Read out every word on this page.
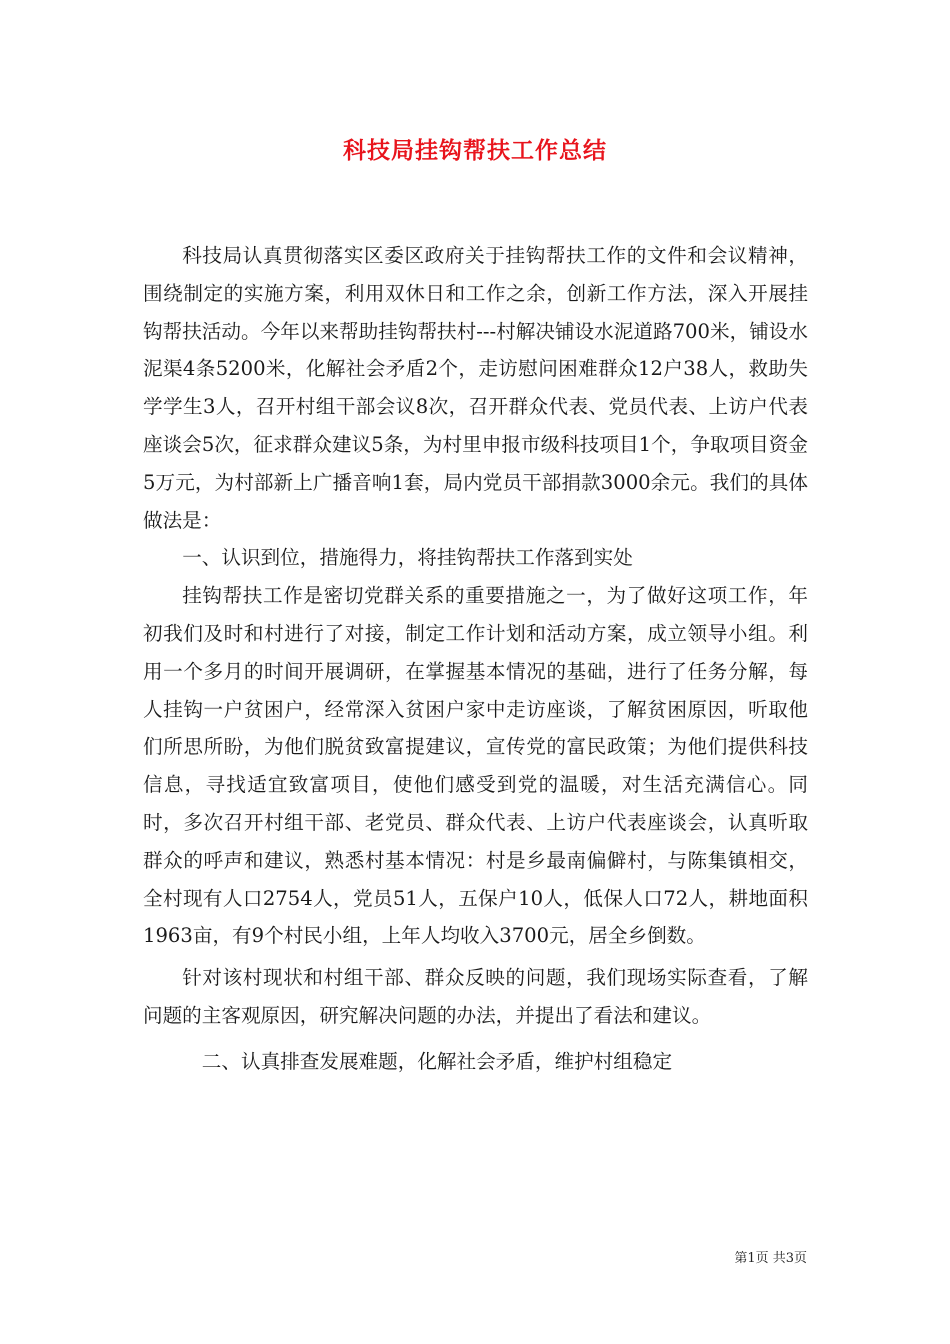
科技局挂钩帮扶工作总结

科技局认真贯彻落实区委区政府关于挂钩帮扶工作的文件和会议精神，围绕制定的实施方案，利用双休日和工作之余，创新工作方法，深入开展挂钩帮扶活动。今年以来帮助挂钩帮扶村---村解决铺设水泥道路700米，铺设水泥渠4条5200米，化解社会矛盾2个，走访慰问困难群众12户38人，救助失学学生3人，召开村组干部会议8次，召开群众代表、党员代表、上访户代表座谈会5次，征求群众建议5条，为村里申报市级科技项目1个，争取项目资金5万元，为村部新上广播音响1套，局内党员干部捐款3000余元。我们的具体做法是：

一、认识到位，措施得力，将挂钩帮扶工作落到实处

挂钩帮扶工作是密切党群关系的重要措施之一，为了做好这项工作，年初我们及时和村进行了对接，制定工作计划和活动方案，成立领导小组。利用一个多月的时间开展调研，在掌握基本情况的基础，进行了任务分解，每人挂钩一户贫困户，经常深入贫困户家中走访座谈，了解贫困原因，听取他们所思所盼，为他们脱贫致富提建议，宣传党的富民政策；为他们提供科技信息，寻找适宜致富项目，使他们感受到党的温暖，对生活充满信心。同时，多次召开村组干部、老党员、群众代表、上访户代表座谈会，认真听取群众的呼声和建议，熟悉村基本情况：村是乡最南偏僻村，与陈集镇相交，全村现有人口2754人，党员51人，五保户10人，低保人口72人，耕地面积1963亩，有9个村民小组，上年人均收入3700元，居全乡倒数。

针对该村现状和村组干部、群众反映的问题，我们现场实际查看，了解问题的主客观原因，研究解决问题的办法，并提出了看法和建议。

二、认真排查发展难题，化解社会矛盾，维护村组稳定

第1页 共3页
